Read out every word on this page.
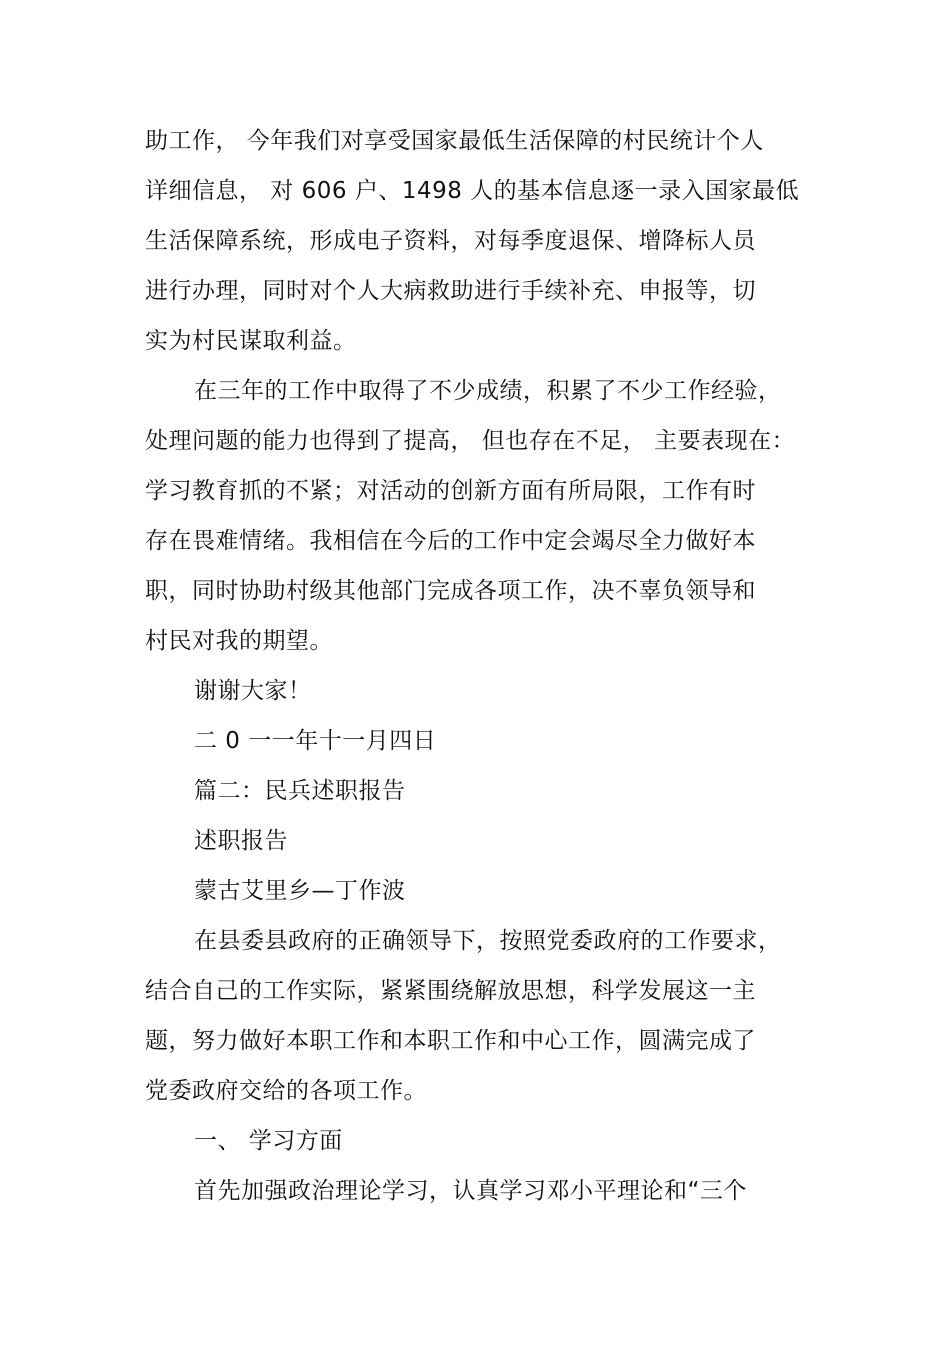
助工作， 今年我们对享受国家最低生活保障的村民统计个人
详细信息， 对 606 户、1498 人的基本信息逐一录入国家最低
生活保障系统，形成电子资料，对每季度退保、增降标人员
进行办理，同时对个人大病救助进行手续补充、申报等，切
实为村民谋取利益。
在三年的工作中取得了不少成绩，积累了不少工作经验，
处理问题的能力也得到了提高， 但也存在不足， 主要表现在：
学习教育抓的不紧；对活动的创新方面有所局限，工作有时
存在畏难情绪。我相信在今后的工作中定会竭尽全力做好本
职，同时协助村级其他部门完成各项工作，决不辜负领导和
村民对我的期望。
谢谢大家！
二 0 一一年十一月四日
篇二：民兵述职报告
述职报告
蒙古艾里乡—丁作波
在县委县政府的正确领导下，按照党委政府的工作要求，
结合自己的工作实际，紧紧围绕解放思想，科学发展这一主
题，努力做好本职工作和本职工作和中心工作，圆满完成了
党委政府交给的各项工作。
一、 学习方面
首先加强政治理论学习，认真学习邓小平理论和“三个
